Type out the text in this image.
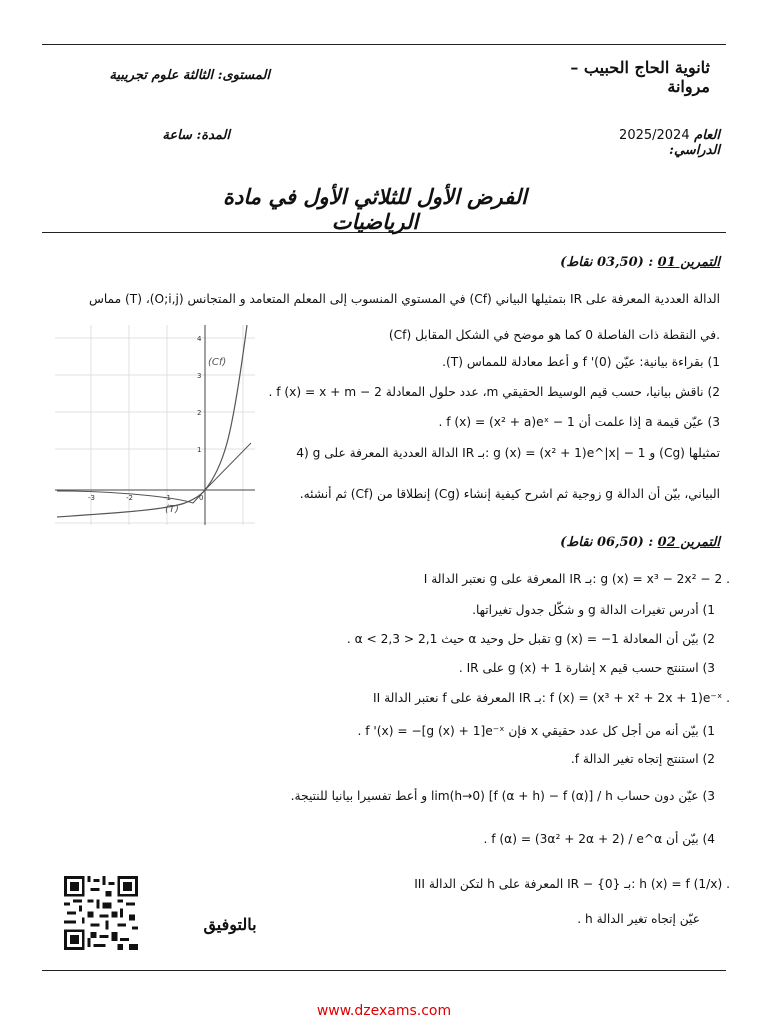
ثانوية الحاج الحبيب – مروانة
المستوى: الثالثة علوم تجريبية
المدة: ساعة	2025/2024 العام الدراسي:
الفرض الأول للثلاثي الأول في مادة الرياضيات
التمرين 01 : (03,50 نقاط)
الدالة العددية المعرفة على IR بتمثيلها البياني (Cf) في المستوي المنسوب إلى المعلم المتعامد و المتجانس (O;i,j)، (T) مماس
(Cf) في النقطة ذات الفاصلة 0 كما هو موضح في الشكل المقابل.
1) بقراءة بيانية: عيّن f '(0) و أعط معادلة للمماس (T).
2) ناقش بيانيا، حسب قيم الوسيط الحقيقي m، عدد حلول المعادلة f (x) = x + m − 2 .
3) عيّن قيمة a إذا علمت أن f (x) = (x² + a)eˣ − 1 .
4) g الدالة العددية المعرفة على IR بـ: g (x) = (x² + 1)e^|x| − 1 و (Cg) تمثيلها
البياني، بيّن أن الدالة g زوجية ثم اشرح كيفية إنشاء (Cg) إنطلاقا من (Cf) ثم أنشئه.
(Cf)
(T)
-3	-2	-1	0
4
3
2
1
التمرين 02 : (06,50 نقاط)
I نعتبر الدالة g المعرفة على IR بـ: g (x) = x³ − 2x² − 2 .
1) أدرس تغيرات الدالة g و شكّل جدول تغيراتها.
2) بيّن أن المعادلة g (x) = −1 تقبل حل وحيد α حيث 2,1 < α < 2,3 .
3) استنتج حسب قيم x إشارة g (x) + 1 على IR .
II نعتبر الدالة f المعرفة على IR بـ: f (x) = (x³ + x² + 2x + 1)e⁻ˣ .
1) بيّن أنه من أجل كل عدد حقيقي x فإن f '(x) = −[g (x) + 1]e⁻ˣ .
2) استنتج إتجاه تغير الدالة f.
3) عيّن دون حساب lim(h→0) [f (α + h) − f (α)] / h و أعط تفسيرا بيانيا للنتيجة.
4) بيّن أن f (α) = (3α² + 2α + 2) / e^α .
III لتكن الدالة h المعرفة على IR − {0} بـ: h (x) = f (1/x) .
عيّن إتجاه تغير الدالة h .
بالتوفيق
www.dzexams.com
